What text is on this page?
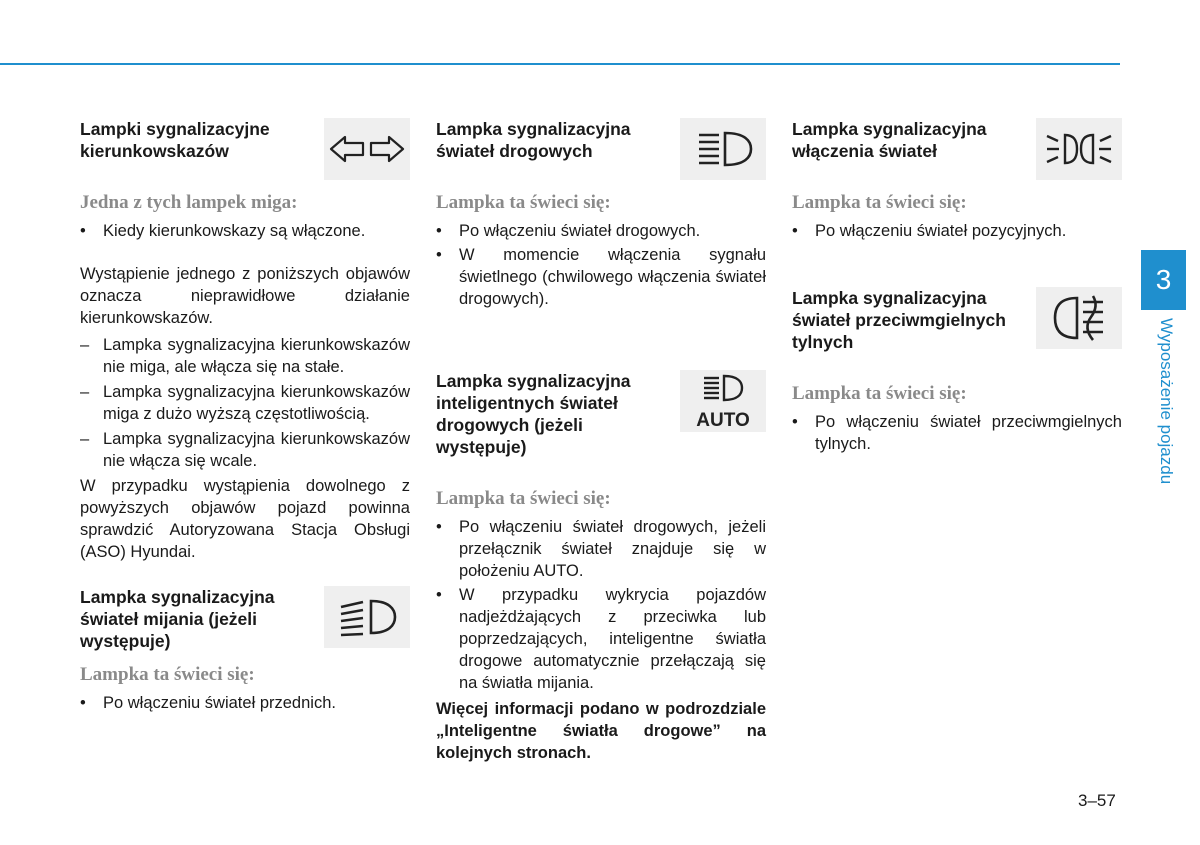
Lampki sygnalizacyjne kierunkowskazów
Jedna z tych lampek miga:
• Kiedy kierunkowskazy są włączone.
Wystąpienie jednego z poniższych objawów oznacza nieprawidłowe działanie kierunkowskazów.
– Lampka sygnalizacyjna kierunkowskazów nie miga, ale włącza się na stałe.
– Lampka sygnalizacyjna kierunkowskazów miga z dużo wyższą częstotliwością.
– Lampka sygnalizacyjna kierunkowskazów nie włącza się wcale.
W przypadku wystąpienia dowolnego z powyższych objawów pojazd powinna sprawdzić Autoryzowana Stacja Obsługi (ASO) Hyundai.
Lampka sygnalizacyjna świateł mijania (jeżeli występuje)
Lampka ta świeci się:
• Po włączeniu świateł przednich.
Lampka sygnalizacyjna świateł drogowych
Lampka ta świeci się:
• Po włączeniu świateł drogowych.
• W momencie włączenia sygnału świetlnego (chwilowego włączenia świateł drogowych).
Lampka sygnalizacyjna inteligentnych świateł drogowych (jeżeli występuje)
AUTO
Lampka ta świeci się:
• Po włączeniu świateł drogowych, jeżeli przełącznik świateł znajduje się w położeniu AUTO.
• W przypadku wykrycia pojazdów nadjeżdżających z przeciwka lub poprzedzających, inteligentne światła drogowe automatycznie przełączają się na światła mijania.
Więcej informacji podano w podrozdziale „Inteligentne światła drogowe” na kolejnych stronach.
Lampka sygnalizacyjna włączenia świateł
Lampka ta świeci się:
• Po włączeniu świateł pozycyjnych.
Lampka sygnalizacyjna świateł przeciwmgielnych tylnych
Lampka ta świeci się:
• Po włączeniu świateł przeciwmgielnych tylnych.
3
Wyposażenie pojazdu
3–57
